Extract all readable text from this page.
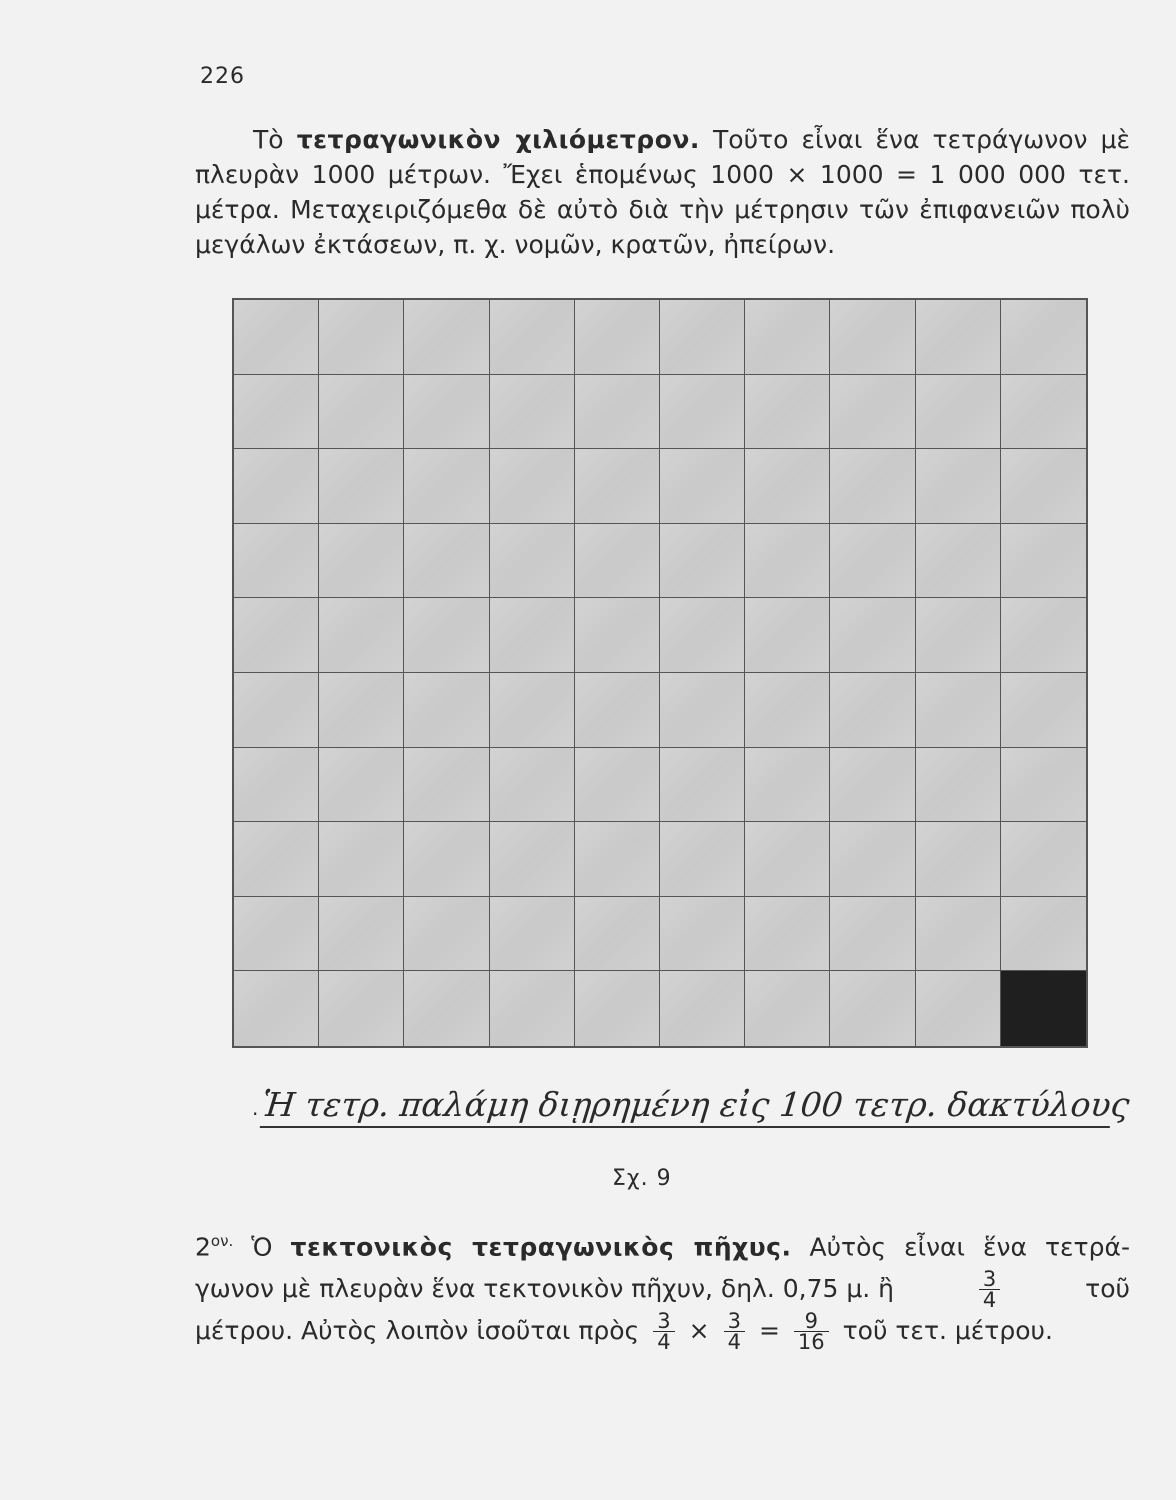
226

Τὸ τετραγωνικὸν χιλιόμετρον. Τοῦτο εἶναι ἕνα τετράγωνον μὲ πλευρὰν 1000 μέτρων. Ἔχει ἑπομένως 1000 × 1000 = 1 000 000 τετ. μέτρα. Μεταχειριζόμεθα δὲ αὐτὸ διὰ τὴν μέτρησιν τῶν ἐπιφανειῶν πολὺ μεγάλων ἐκτάσεων, π. χ. νομῶν, κρατῶν, ἠπείρων.

· Ἡ τετρ. παλάμη διῃρημένη εἰς 100 τετρ. δακτύλους
Σχ. 9
$2^{o\nu.}$ Ὁ τεκτονικὸς τετραγωνικὸς πῆχυς. Αὐτὸς εἶναι ἕνα τετρά-
γωνον μὲ πλευρὰν ἕνα τεκτονικὸν πῆχυν, δηλ. 0,75 μ. ἢ	$\frac{3}{4}$	τοῦ
μέτρου. Αὐτὸς λοιπὸν ἰσοῦται πρὸς $\frac{3}{4} \times \frac{3}{4} = \frac{9}{16}$ τοῦ τετ. μέτρου.
